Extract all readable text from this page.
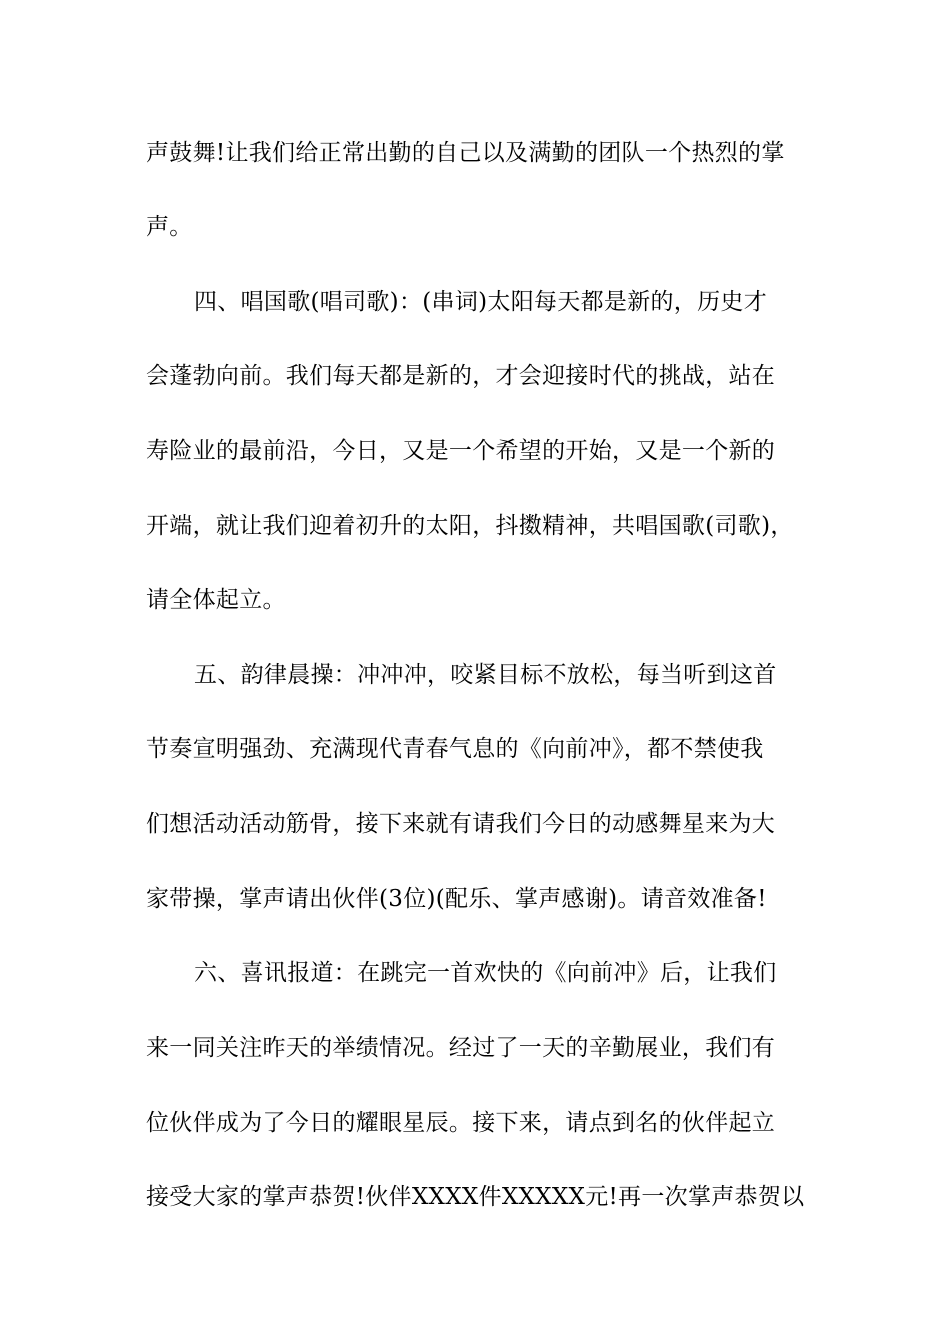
声鼓舞!让我们给正常出勤的自己以及满勤的团队一个热烈的掌
声。
四、唱国歌(唱司歌)：(串词)太阳每天都是新的，历史才
会蓬勃向前。我们每天都是新的，才会迎接时代的挑战，站在
寿险业的最前沿，今日，又是一个希望的开始，又是一个新的
开端，就让我们迎着初升的太阳，抖擞精神，共唱国歌(司歌)，
请全体起立。
五、韵律晨操：冲冲冲，咬紧目标不放松，每当听到这首
节奏宣明强劲、充满现代青春气息的《向前冲》，都不禁使我
们想活动活动筋骨，接下来就有请我们今日的动感舞星来为大
家带操，掌声请出伙伴(3位)(配乐、掌声感谢)。请音效准备!
六、喜讯报道：在跳完一首欢快的《向前冲》后，让我们
来一同关注昨天的举绩情况。经过了一天的辛勤展业，我们有
位伙伴成为了今日的耀眼星辰。接下来，请点到名的伙伴起立
接受大家的掌声恭贺!伙伴XXXX件XXXXX元!再一次掌声恭贺以
